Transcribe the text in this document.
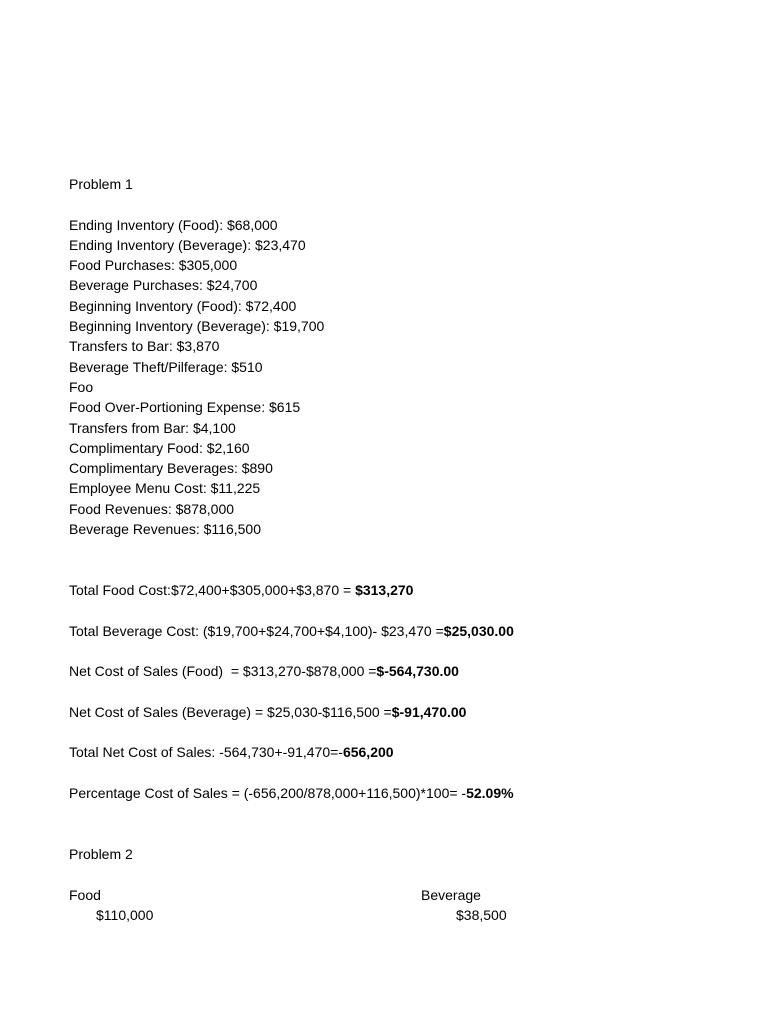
Problem 1
Ending Inventory (Food): $68,000
Ending Inventory (Beverage): $23,470
Food Purchases: $305,000
Beverage Purchases: $24,700
Beginning Inventory (Food): $72,400
Beginning Inventory (Beverage): $19,700
Transfers to Bar: $3,870
Beverage Theft/Pilferage: $510
Foo
Food Over-Portioning Expense: $615
Transfers from Bar: $4,100
Complimentary Food: $2,160
Complimentary Beverages: $890
Employee Menu Cost: $11,225
Food Revenues: $878,000
Beverage Revenues: $116,500
Total Food Cost:$72,400+$305,000+$3,870 = $313,270
Total Beverage Cost: ($19,700+$24,700+$4,100)- $23,470 =$25,030.00
Net Cost of Sales (Food)  = $313,270-$878,000 =$-564,730.00
Net Cost of Sales (Beverage) = $25,030-$116,500 =$-91,470.00
Total Net Cost of Sales: -564,730+-91,470=-656,200
Percentage Cost of Sales = (-656,200/878,000+116,500)*100= -52.09%
Problem 2
Food
$110,000
Beverage
$38,500
